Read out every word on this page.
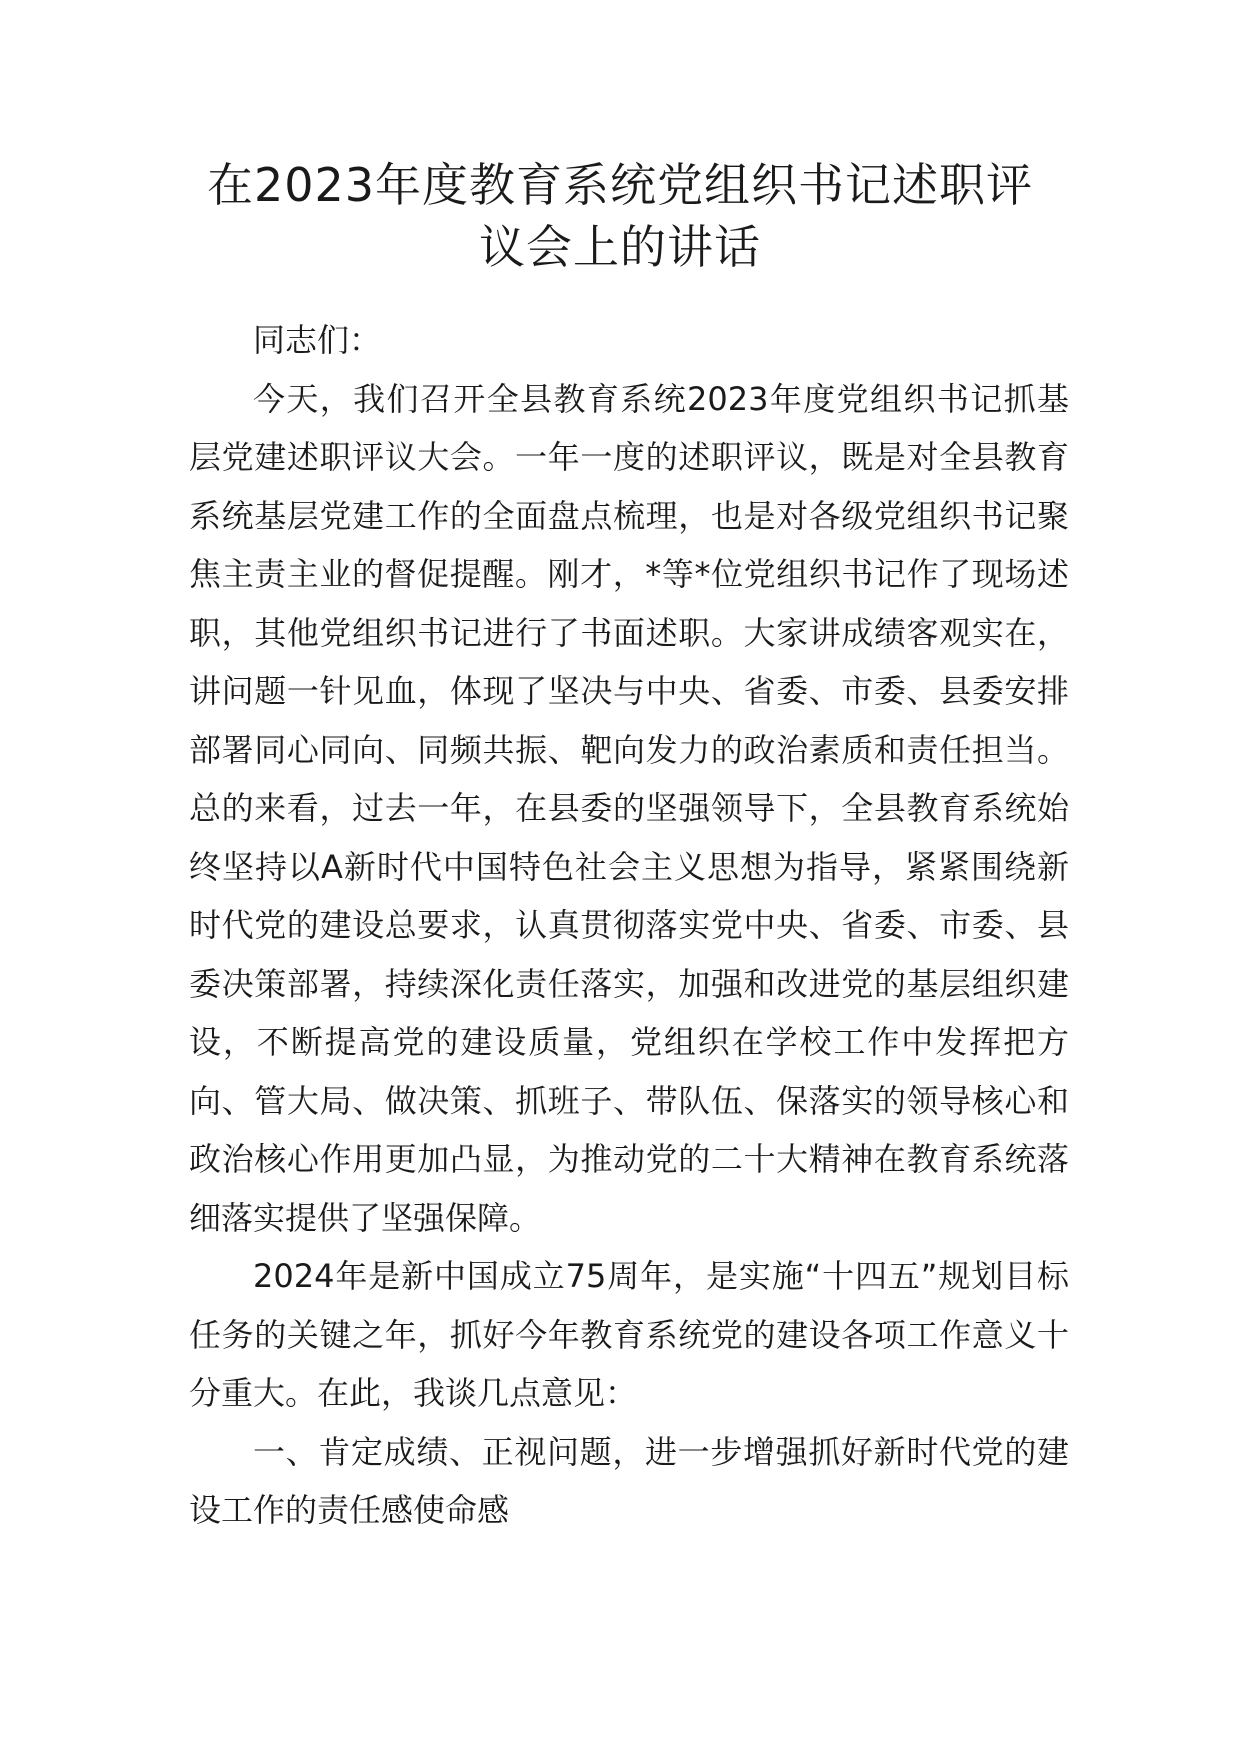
在2023年度教育系统党组织书记述职评
议会上的讲话

同志们：

今天，我们召开全县教育系统2023年度党组织书记抓基层党建述职评议大会。一年一度的述职评议，既是对全县教育系统基层党建工作的全面盘点梳理，也是对各级党组织书记聚焦主责主业的督促提醒。刚才，*等*位党组织书记作了现场述职，其他党组织书记进行了书面述职。大家讲成绩客观实在，讲问题一针见血，体现了坚决与中央、省委、市委、县委安排部署同心同向、同频共振、靶向发力的政治素质和责任担当。总的来看，过去一年，在县委的坚强领导下，全县教育系统始终坚持以A新时代中国特色社会主义思想为指导，紧紧围绕新时代党的建设总要求，认真贯彻落实党中央、省委、市委、县委决策部署，持续深化责任落实，加强和改进党的基层组织建设，不断提高党的建设质量，党组织在学校工作中发挥把方向、管大局、做决策、抓班子、带队伍、保落实的领导核心和政治核心作用更加凸显，为推动党的二十大精神在教育系统落细落实提供了坚强保障。

2024年是新中国成立75周年，是实施“十四五”规划目标任务的关键之年，抓好今年教育系统党的建设各项工作意义十分重大。在此，我谈几点意见：

一、肯定成绩、正视问题，进一步增强抓好新时代党的建设工作的责任感使命感
